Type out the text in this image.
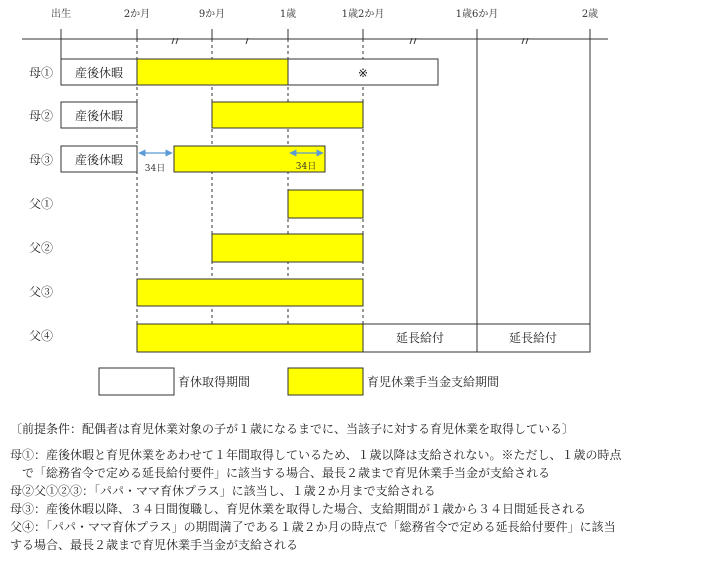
出生	2か月	9か月	1歳	1歳2か月	1歳6か月	2歳
母①
母②
母③
父①
父②
父③
父④
産後休暇	※
産後休暇
産後休暇
34日	34日
延長給付	延長給付
育休取得期間	育児休業手当金支給期間

〔前提条件：配偶者は育児休業対象の子が１歳になるまでに、当該子に対する育児休業を取得している〕

母①：産後休暇と育児休業をあわせて１年間取得しているため、１歳以降は支給されない。※ただし、１歳の時点

で「総務省令で定める延長給付要件」に該当する場合、最長２歳まで育児休業手当金が支給される

母②父①②③：「パパ・ママ育休プラス」に該当し、１歳２か月まで支給される

母③：産後休暇以降、３４日間復職し、育児休業を取得した場合、支給期間が１歳から３４日間延長される

父④：「パパ・ママ育休プラス」の期間満了である１歳２か月の時点で「総務省令で定める延長給付要件」に該当

する場合、最長２歳まで育児休業手当金が支給される
